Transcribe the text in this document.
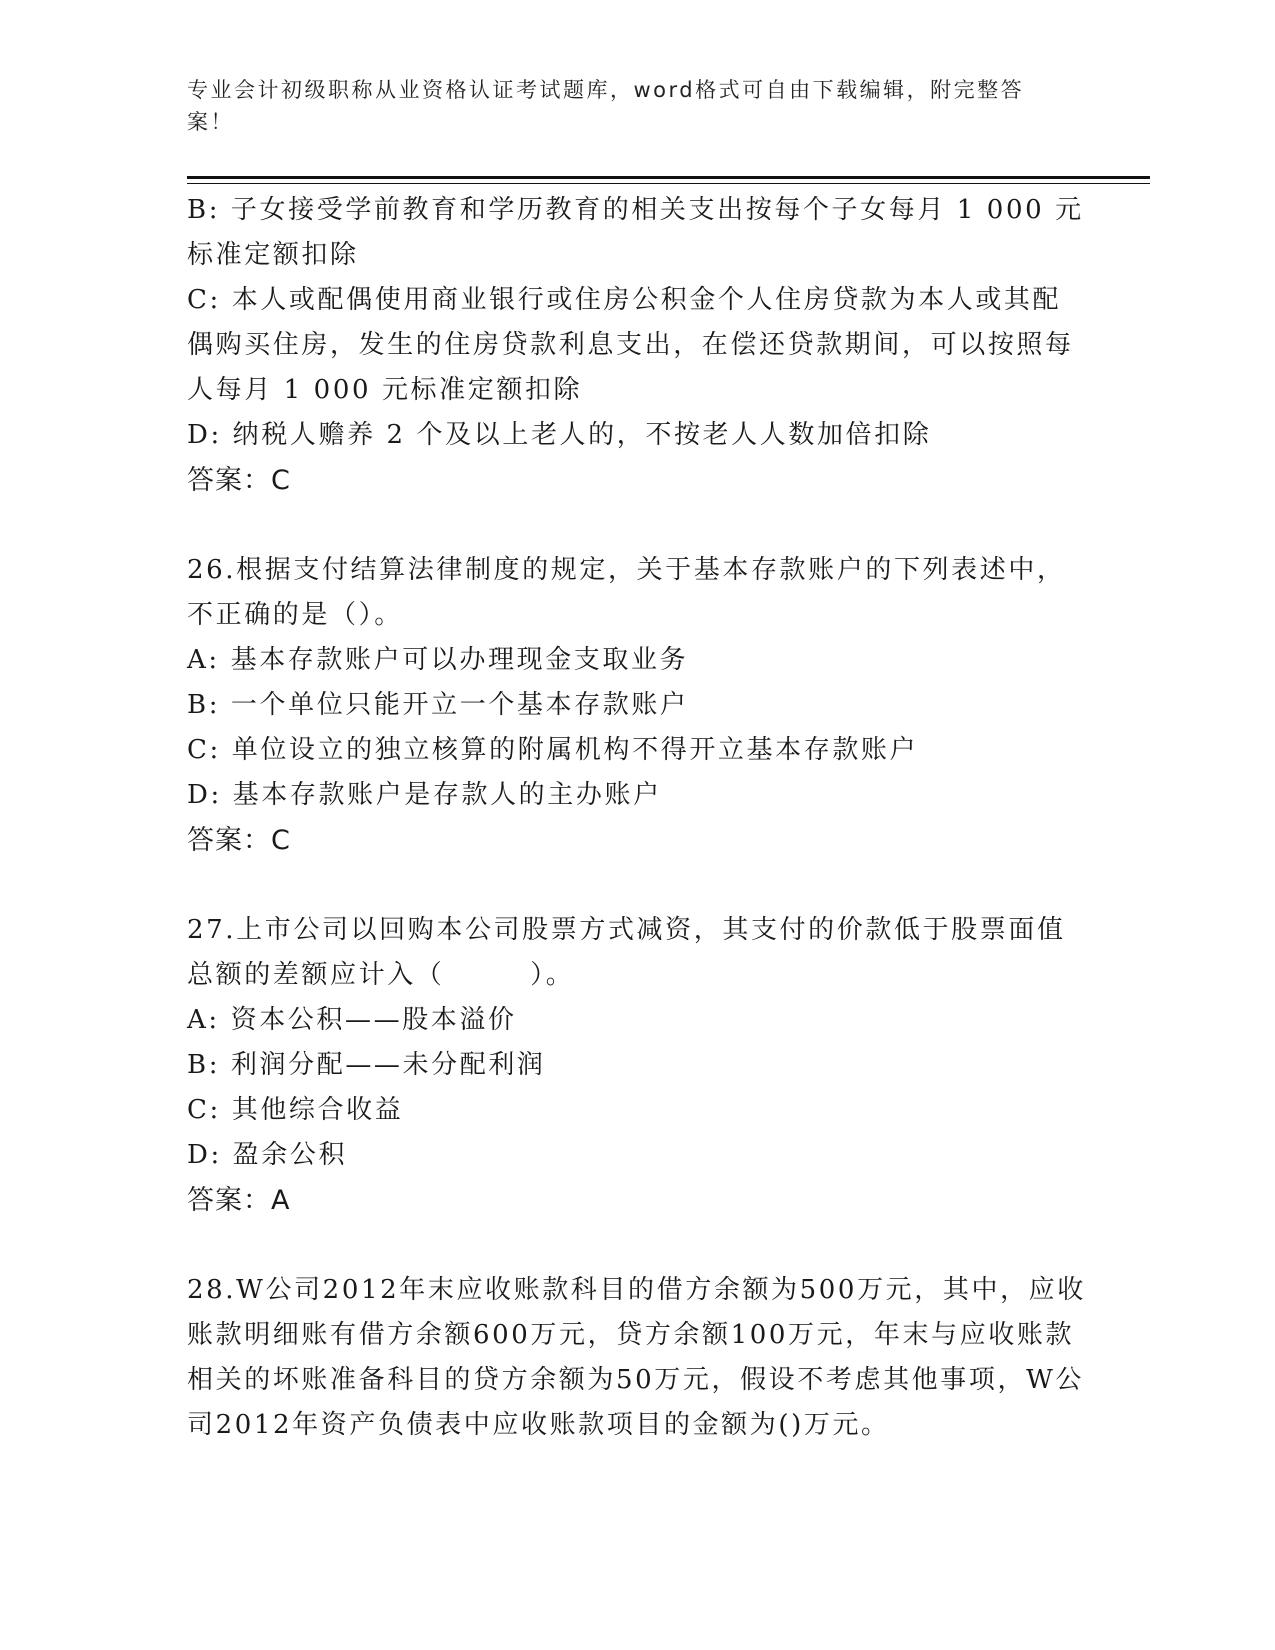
专业会计初级职称从业资格认证考试题库，word格式可自由下载编辑，附完整答案！
B: 子女接受学前教育和学历教育的相关支出按每个子女每月 1 000 元标准定额扣除
C: 本人或配偶使用商业银行或住房公积金个人住房贷款为本人或其配偶购买住房，发生的住房贷款利息支出，在偿还贷款期间，可以按照每人每月 1 000 元标准定额扣除
D: 纳税人赡养 2 个及以上老人的，不按老人人数加倍扣除
答案：C
26.根据支付结算法律制度的规定，关于基本存款账户的下列表述中，不正确的是（）。
A: 基本存款账户可以办理现金支取业务
B: 一个单位只能开立一个基本存款账户
C: 单位设立的独立核算的附属机构不得开立基本存款账户
D: 基本存款账户是存款人的主办账户
答案：C
27.上市公司以回购本公司股票方式减资，其支付的价款低于股票面值总额的差额应计入（　　　）。
A: 资本公积——股本溢价
B: 利润分配——未分配利润
C: 其他综合收益
D: 盈余公积
答案：A
28.W公司2012年末应收账款科目的借方余额为500万元，其中，应收账款明细账有借方余额600万元，贷方余额100万元，年末与应收账款相关的坏账准备科目的贷方余额为50万元，假设不考虑其他事项，W公司2012年资产负债表中应收账款项目的金额为()万元。
